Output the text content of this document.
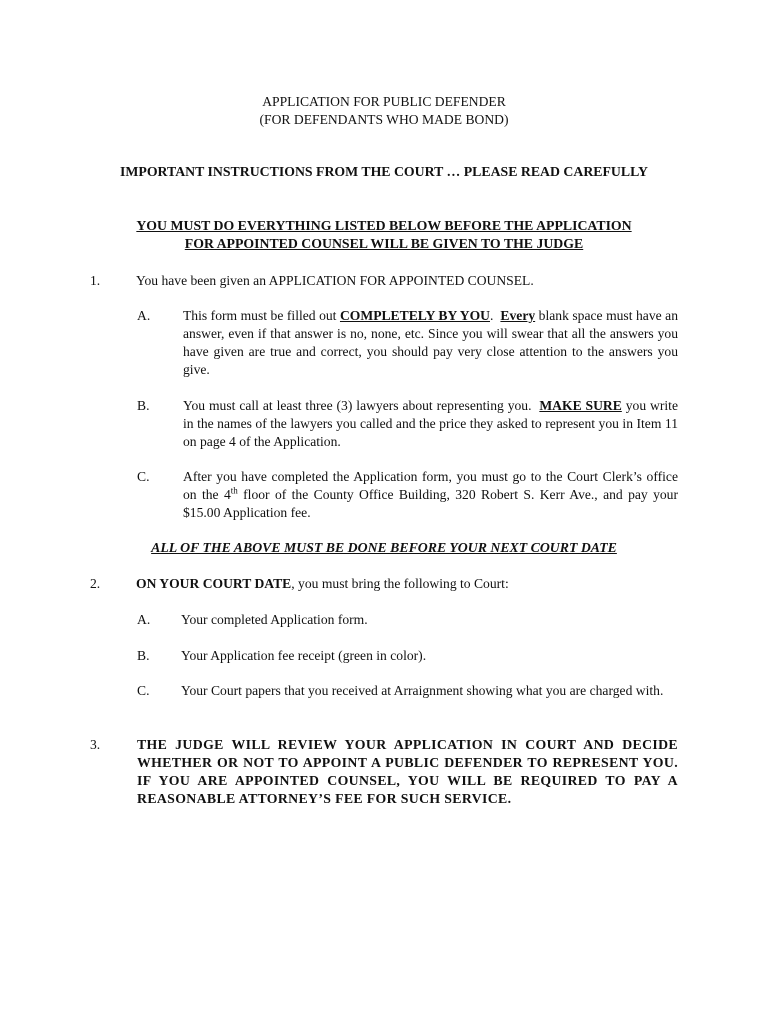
APPLICATION FOR PUBLIC DEFENDER
(FOR DEFENDANTS WHO MADE BOND)
IMPORTANT INSTRUCTIONS FROM THE COURT … PLEASE READ CAREFULLY
YOU MUST DO EVERYTHING LISTED BELOW BEFORE THE APPLICATION
FOR APPOINTED COUNSEL WILL BE GIVEN TO THE JUDGE
1.	You have been given an APPLICATION FOR APPOINTED COUNSEL.
A. This form must be filled out COMPLETELY BY YOU.  Every blank space must have an answer, even if that answer is no, none, etc. Since you will swear that all the answers you have given are true and correct, you should pay very close attention to the answers you give.
B. You must call at least three (3) lawyers about representing you.  MAKE SURE you write in the names of the lawyers you called and the price they asked to represent you in Item 11 on page 4 of the Application.
C. After you have completed the Application form, you must go to the Court Clerk’s office on the 4th floor of the County Office Building, 320 Robert S. Kerr Ave., and pay your $15.00 Application fee.
ALL OF THE ABOVE MUST BE DONE BEFORE YOUR NEXT COURT DATE
2.	ON YOUR COURT DATE, you must bring the following to Court:
A. Your completed Application form.
B. Your Application fee receipt (green in color).
C. Your Court papers that you received at Arraignment showing what you are charged with.
3.	THE JUDGE WILL REVIEW YOUR APPLICATION IN COURT AND DECIDE WHETHER OR NOT TO APPOINT A PUBLIC DEFENDER TO REPRESENT YOU. IF YOU ARE APPOINTED COUNSEL, YOU WILL BE REQUIRED TO PAY A REASONABLE ATTORNEY’S FEE FOR SUCH SERVICE.
